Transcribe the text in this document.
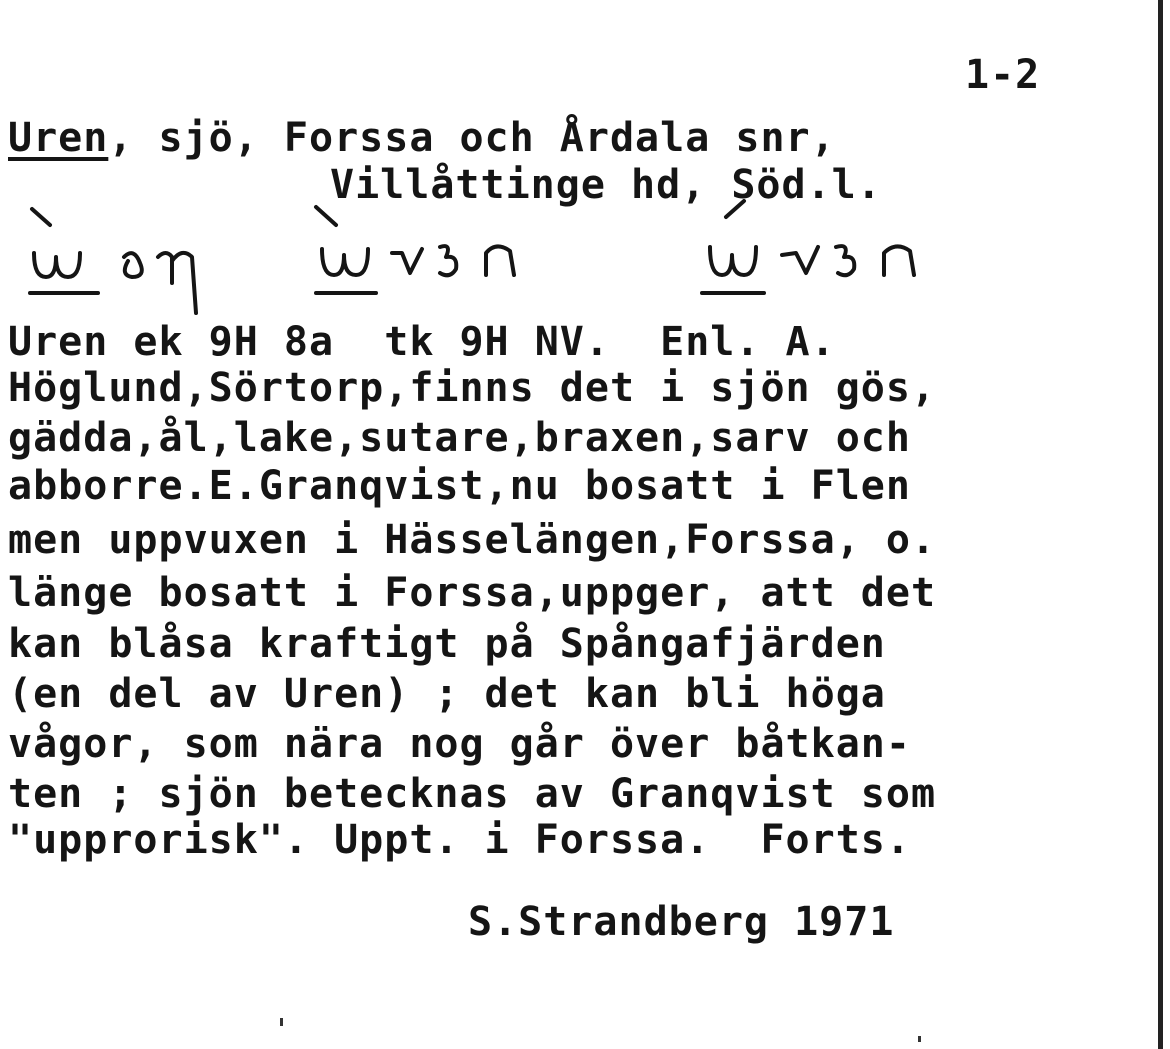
1-2
Uren, sjö, Forssa och Årdala snr,
Villåttinge hd, Söd.l.
Uren ek 9H 8a  tk 9H NV.  Enl. A.
Höglund,Sörtorp,finns det i sjön gös,
gädda,ål,lake,sutare,braxen,sarv och
abborre.E.Granqvist,nu bosatt i Flen
men uppvuxen i Hässelängen,Forssa, o.
länge bosatt i Forssa,uppger, att det
kan blåsa kraftigt på Spångafjärden
(en del av Uren) ; det kan bli höga
vågor, som nära nog går över båtkan-
ten ; sjön betecknas av Granqvist som
"upprorisk". Uppt. i Forssa.  Forts.
S.Strandberg 1971
